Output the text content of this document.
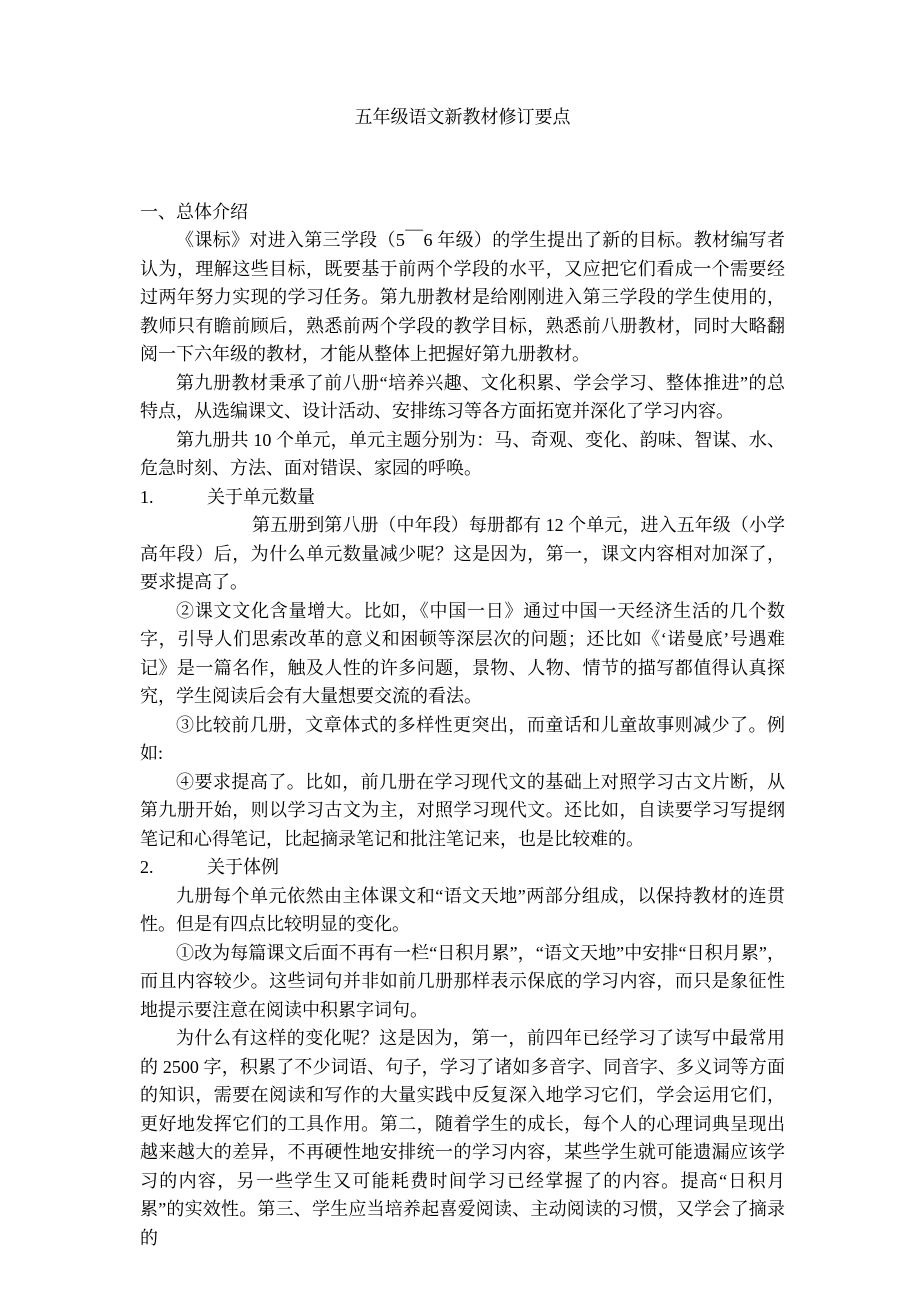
五年级语文新教材修订要点

一、总体介绍

《课标》对进入第三学段（5￣6 年级）的学生提出了新的目标。教材编写者认为，理解这些目标，既要基于前两个学段的水平，又应把它们看成一个需要经过两年努力实现的学习任务。第九册教材是给刚刚进入第三学段的学生使用的，教师只有瞻前顾后，熟悉前两个学段的教学目标，熟悉前八册教材，同时大略翻阅一下六年级的教材，才能从整体上把握好第九册教材。

第九册教材秉承了前八册“培养兴趣、文化积累、学会学习、整体推进”的总特点，从选编课文、设计活动、安排练习等各方面拓宽并深化了学习内容。

第九册共 10 个单元，单元主题分别为：马、奇观、变化、韵味、智谋、水、危急时刻、方法、面对错误、家园的呼唤。

1.	关于单元数量

第五册到第八册（中年段）每册都有 12 个单元，进入五年级（小学高年段）后，为什么单元数量减少呢？这是因为，第一，课文内容相对加深了，要求提高了。

②课文文化含量增大。比如，《中国一日》通过中国一天经济生活的几个数字，引导人们思索改革的意义和困顿等深层次的问题；还比如《‘诺曼底’号遇难记》是一篇名作，触及人性的许多问题，景物、人物、情节的描写都值得认真探究，学生阅读后会有大量想要交流的看法。

③比较前几册，文章体式的多样性更突出，而童话和儿童故事则减少了。例如:

④要求提高了。比如，前几册在学习现代文的基础上对照学习古文片断，从第九册开始，则以学习古文为主，对照学习现代文。还比如，自读要学习写提纲笔记和心得笔记，比起摘录笔记和批注笔记来，也是比较难的。

2.	关于体例

九册每个单元依然由主体课文和“语文天地”两部分组成，以保持教材的连贯性。但是有四点比较明显的变化。

①改为每篇课文后面不再有一栏“日积月累”，“语文天地”中安排“日积月累”，而且内容较少。这些词句并非如前几册那样表示保底的学习内容，而只是象征性地提示要注意在阅读中积累字词句。

为什么有这样的变化呢？这是因为，第一，前四年已经学习了读写中最常用的 2500 字，积累了不少词语、句子，学习了诸如多音字、同音字、多义词等方面的知识，需要在阅读和写作的大量实践中反复深入地学习它们，学会运用它们，更好地发挥它们的工具作用。第二，随着学生的成长，每个人的心理词典呈现出越来越大的差异，不再硬性地安排统一的学习内容，某些学生就可能遗漏应该学习的内容，另一些学生又可能耗费时间学习已经掌握了的内容。提高“日积月累”的实效性。第三、学生应当培养起喜爱阅读、主动阅读的习惯，又学会了摘录的
